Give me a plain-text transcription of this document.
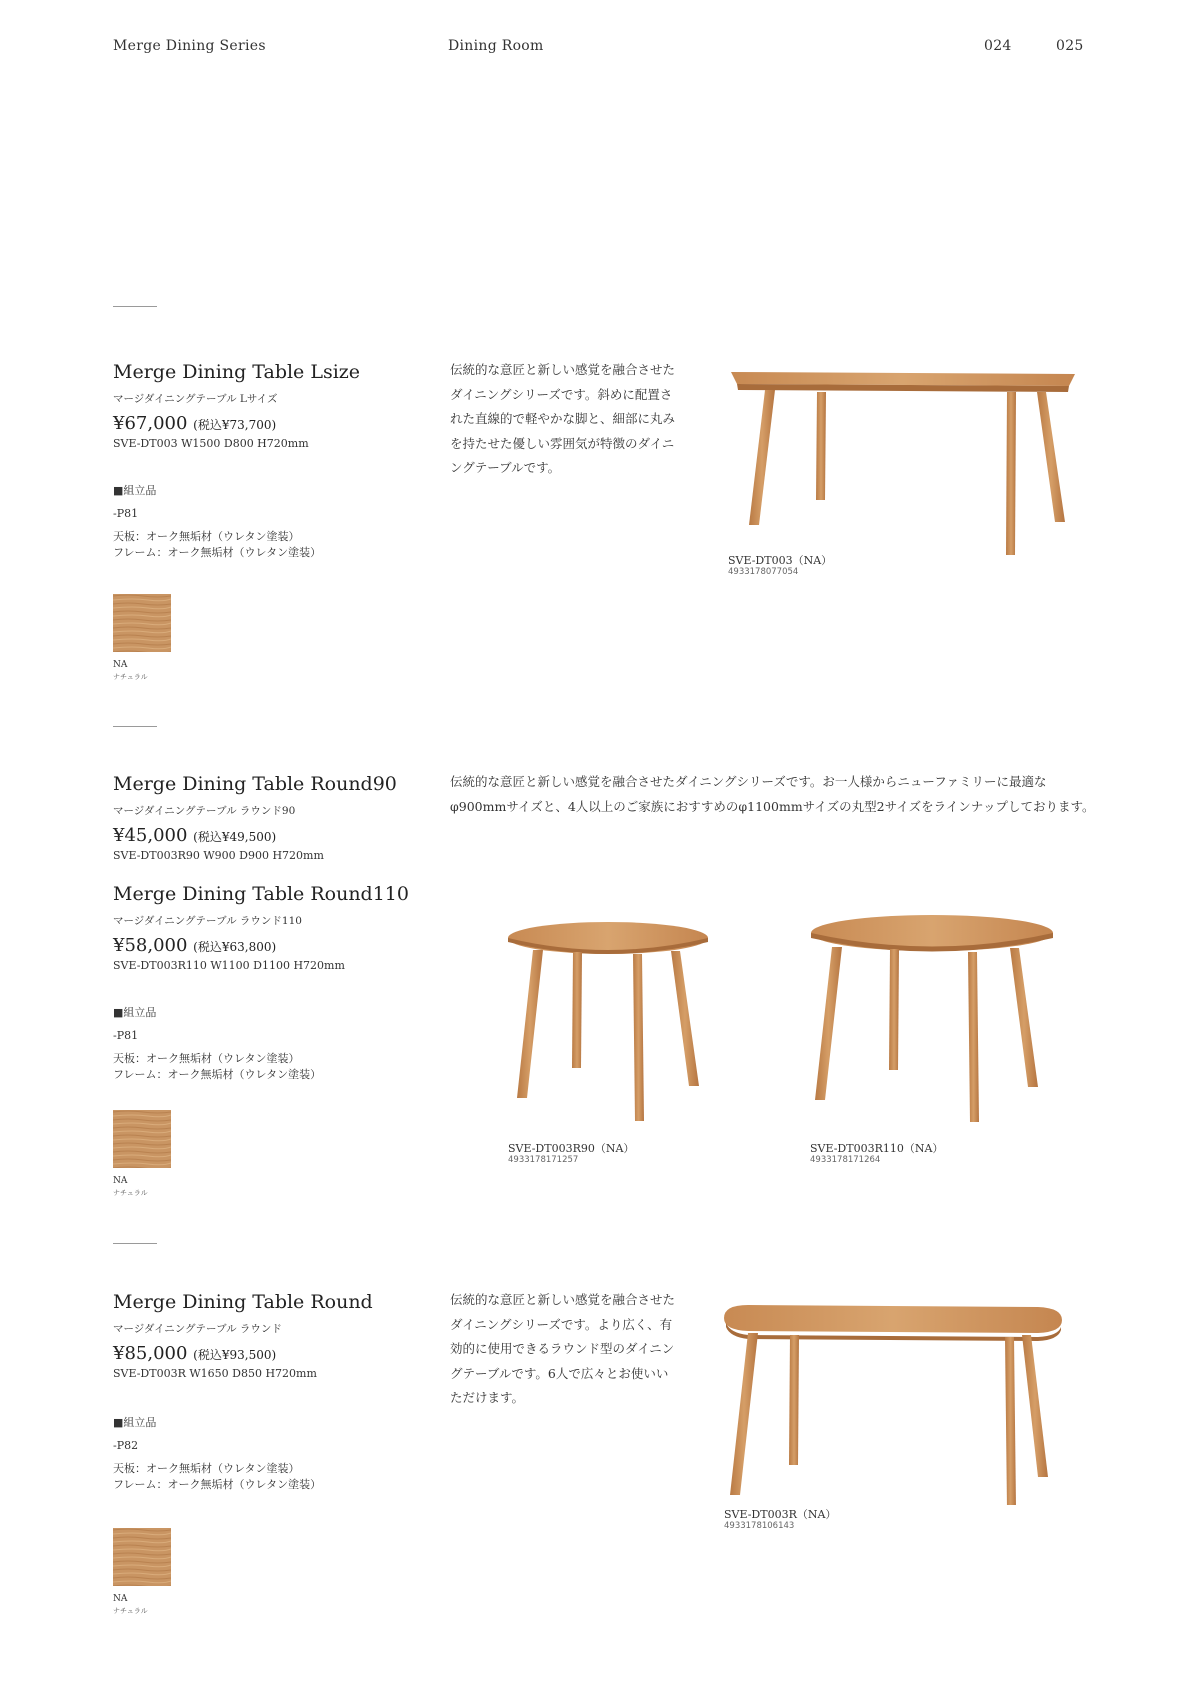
Merge Dining Series	Dining Room	024	025
Merge Dining Table Lsize
マージダイニングテーブル Lサイズ
¥67,000 (税込¥73,700)
SVE-DT003 W1500 D800 H720mm
■組立品
-P81
天板：オーク無垢材（ウレタン塗装）
フレーム：オーク無垢材（ウレタン塗装）
NA
ナチュラル
伝統的な意匠と新しい感覚を融合させたダイニングシリーズです。斜めに配置された直線的で軽やかな脚と、細部に丸みを持たせた優しい雰囲気が特徴のダイニングテーブルです。
SVE-DT003（NA）
4933178077054
Merge Dining Table Round90
マージダイニングテーブル ラウンド90
¥45,000 (税込¥49,500)
SVE-DT003R90 W900 D900 H720mm
Merge Dining Table Round110
マージダイニングテーブル ラウンド110
¥58,000 (税込¥63,800)
SVE-DT003R110 W1100 D1100 H720mm
■組立品
-P81
天板：オーク無垢材（ウレタン塗装）
フレーム：オーク無垢材（ウレタン塗装）
NA
ナチュラル
伝統的な意匠と新しい感覚を融合させたダイニングシリーズです。お一人様からニューファミリーに最適なφ900mmサイズと、4人以上のご家族におすすめのφ1100mmサイズの丸型2サイズをラインナップしております。
SVE-DT003R90（NA）
4933178171257
SVE-DT003R110（NA）
4933178171264
Merge Dining Table Round
マージダイニングテーブル ラウンド
¥85,000 (税込¥93,500)
SVE-DT003R W1650 D850 H720mm
■組立品
-P82
天板：オーク無垢材（ウレタン塗装）
フレーム：オーク無垢材（ウレタン塗装）
NA
ナチュラル
伝統的な意匠と新しい感覚を融合させたダイニングシリーズです。より広く、有効的に使用できるラウンド型のダイニングテーブルです。6人で広々とお使いいただけます。
SVE-DT003R（NA）
4933178106143
